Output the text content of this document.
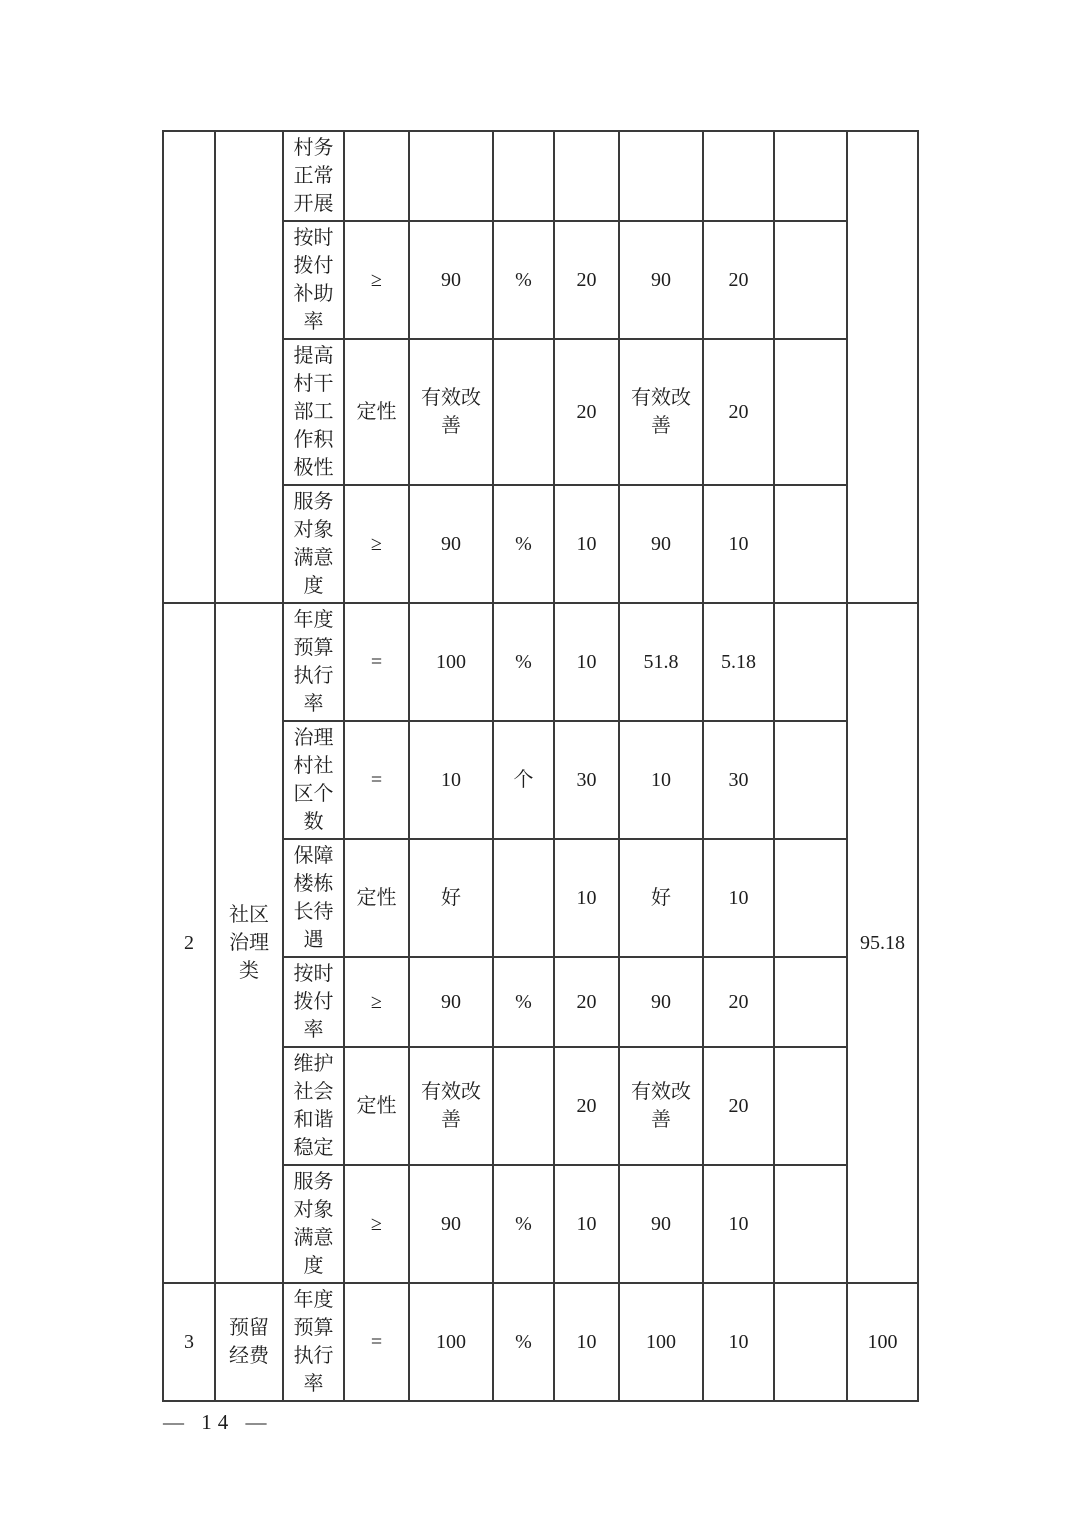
		村务正常开展								
		按时拨付补助率	≥	90	%	20	90	20		
		提高村干部工作积极性	定性	有效改善		20	有效改善	20		
		服务对象满意度	≥	90	%	10	90	10		
2	社区治理类	年度预算执行率	=	100	%	10	51.8	5.18		95.18
		治理村社区个数	=	10	个	30	10	30		
		保障楼栋长待遇	定性	好		10	好	10		
		按时拨付率	≥	90	%	20	90	20		
		维护社会和谐稳定	定性	有效改善		20	有效改善	20		
		服务对象满意度	≥	90	%	10	90	10		
3	预留经费	年度预算执行率	=	100	%	10	100	10		100
— 14 —
